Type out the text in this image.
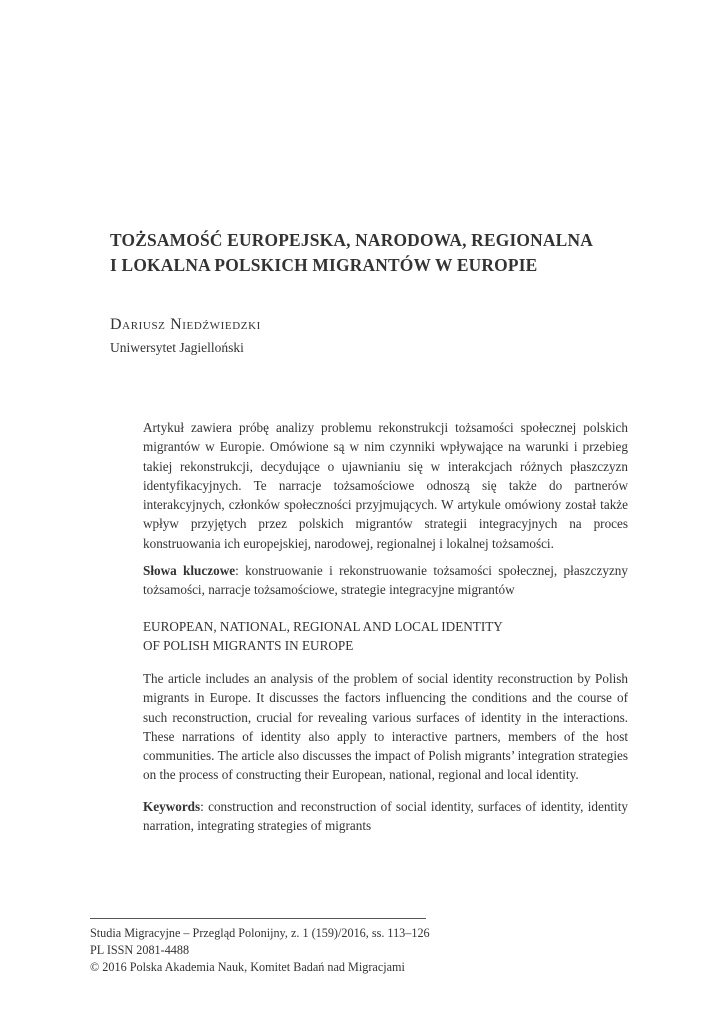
TOŻSAMOŚĆ EUROPEJSKA, NARODOWA, REGIONALNA
I LOKALNA POLSKICH MIGRANTÓW W EUROPIE
Dariusz Niedźwiedzki
Uniwersytet Jagielloński
Artykuł zawiera próbę analizy problemu rekonstrukcji tożsamości społecznej polskich migrantów w Europie. Omówione są w nim czynniki wpływające na warunki i przebieg takiej rekonstrukcji, decydujące o ujawnianiu się w interakcjach różnych płaszczyzn identyfikacyjnych. Te narracje tożsamościowe odnoszą się także do partnerów interakcyjnych, członków społeczności przyjmujących. W artykule omówiony został także wpływ przyjętych przez polskich migrantów strategii integracyjnych na proces konstruowania ich europejskiej, narodowej, regionalnej i lokalnej tożsamości.
Słowa kluczowe: konstruowanie i rekonstruowanie tożsamości społecznej, płaszczyzny tożsamości, narracje tożsamościowe, strategie integracyjne migrantów
EUROPEAN, NATIONAL, REGIONAL AND LOCAL IDENTITY
OF POLISH MIGRANTS IN EUROPE
The article includes an analysis of the problem of social identity reconstruction by Polish migrants in Europe. It discusses the factors influencing the conditions and the course of such reconstruction, crucial for revealing various surfaces of identity in the interactions. These narrations of identity also apply to interactive partners, members of the host communities. The article also discusses the impact of Polish migrants’ integration strategies on the process of constructing their European, national, regional and local identity.
Keywords: construction and reconstruction of social identity, surfaces of identity, identity narration, integrating strategies of migrants
Studia Migracyjne – Przegląd Polonijny, z. 1 (159)/2016, ss. 113–126
PL ISSN 2081-4488
© 2016 Polska Akademia Nauk, Komitet Badań nad Migracjami
